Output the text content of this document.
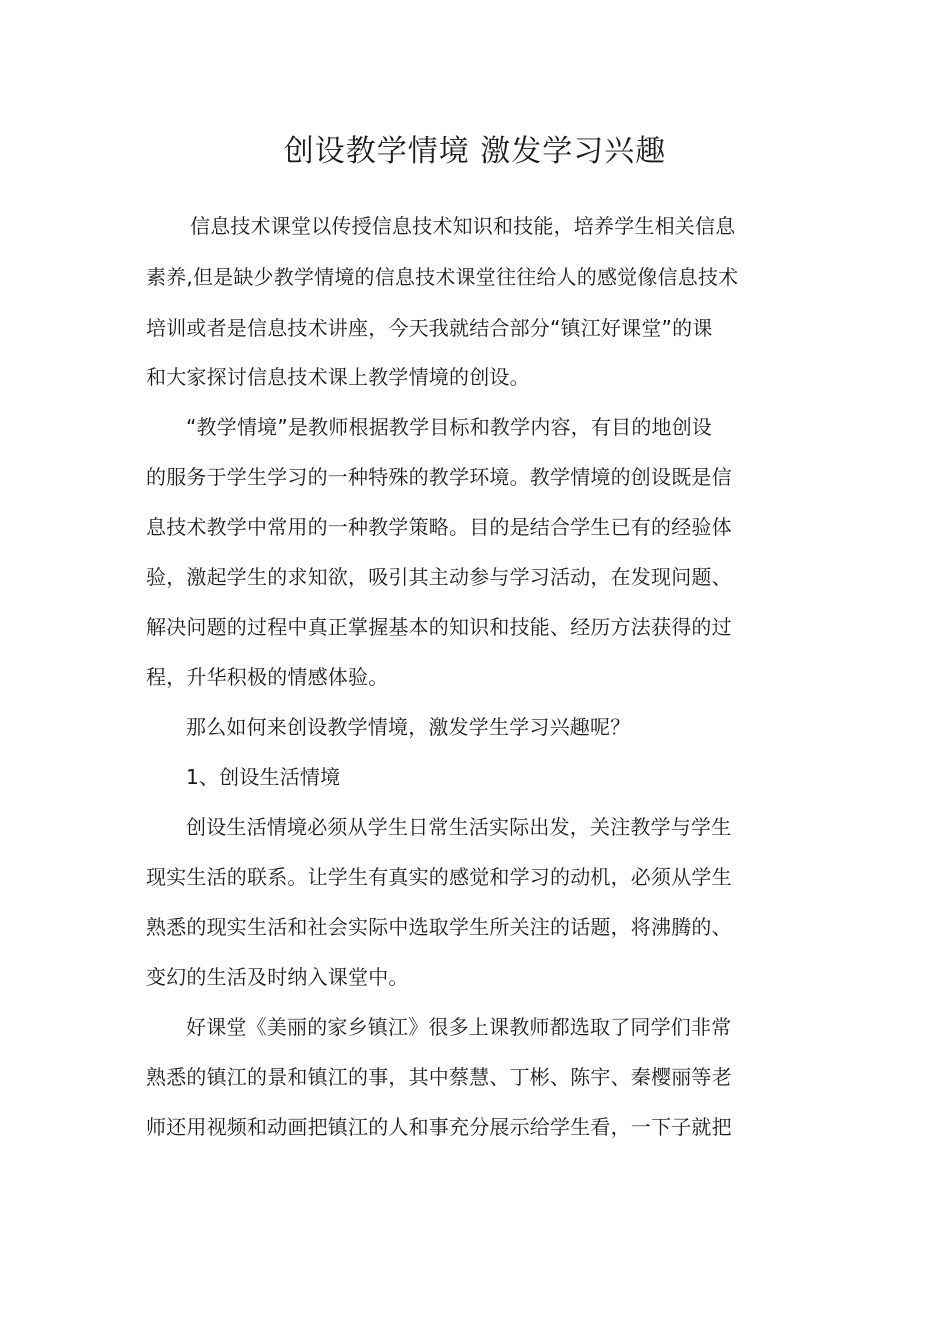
创设教学情境 激发学习兴趣

信息技术课堂以传授信息技术知识和技能，培养学生相关信息

素养,但是缺少教学情境的信息技术课堂往往给人的感觉像信息技术

培训或者是信息技术讲座，今天我就结合部分“镇江好课堂”的课

和大家探讨信息技术课上教学情境的创设。

“教学情境”是教师根据教学目标和教学内容，有目的地创设

的服务于学生学习的一种特殊的教学环境。教学情境的创设既是信

息技术教学中常用的一种教学策略。目的是结合学生已有的经验体

验，激起学生的求知欲，吸引其主动参与学习活动，在发现问题、

解决问题的过程中真正掌握基本的知识和技能、经历方法获得的过

程，升华积极的情感体验。

那么如何来创设教学情境，激发学生学习兴趣呢？

1、创设生活情境

创设生活情境必须从学生日常生活实际出发，关注教学与学生

现实生活的联系。让学生有真实的感觉和学习的动机，必须从学生

熟悉的现实生活和社会实际中选取学生所关注的话题，将沸腾的、

变幻的生活及时纳入课堂中。

好课堂《美丽的家乡镇江》很多上课教师都选取了同学们非常

熟悉的镇江的景和镇江的事，其中蔡慧、丁彬、陈宇、秦樱丽等老

师还用视频和动画把镇江的人和事充分展示给学生看，一下子就把
